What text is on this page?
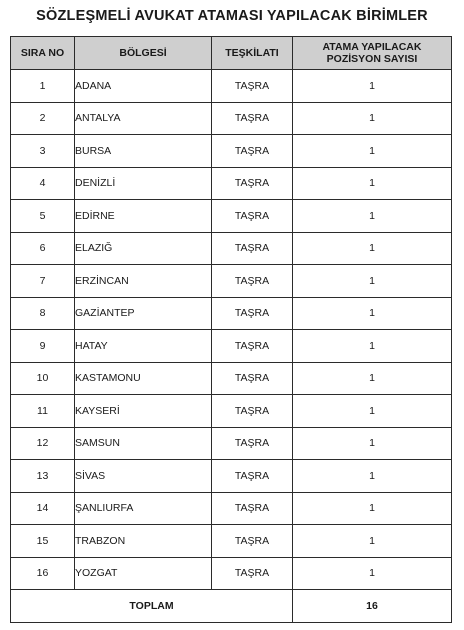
SÖZLEŞMELİ AVUKAT ATAMASI YAPILACAK BİRİMLER
SIRA NO	BÖLGESİ	TEŞKİLATI	ATAMA YAPILACAK
POZİSYON SAYISI

1	ADANA	TAŞRA	1
2	ANTALYA	TAŞRA	1
3	BURSA	TAŞRA	1
4	DENİZLİ	TAŞRA	1
5	EDİRNE	TAŞRA	1
6	ELAZIĞ	TAŞRA	1
7	ERZİNCAN	TAŞRA	1
8	GAZİANTEP	TAŞRA	1
9	HATAY	TAŞRA	1
10	KASTAMONU	TAŞRA	1
11	KAYSERİ	TAŞRA	1
12	SAMSUN	TAŞRA	1
13	SİVAS	TAŞRA	1
14	ŞANLIURFA	TAŞRA	1
15	TRABZON	TAŞRA	1
16	YOZGAT	TAŞRA	1
TOPLAM			16
